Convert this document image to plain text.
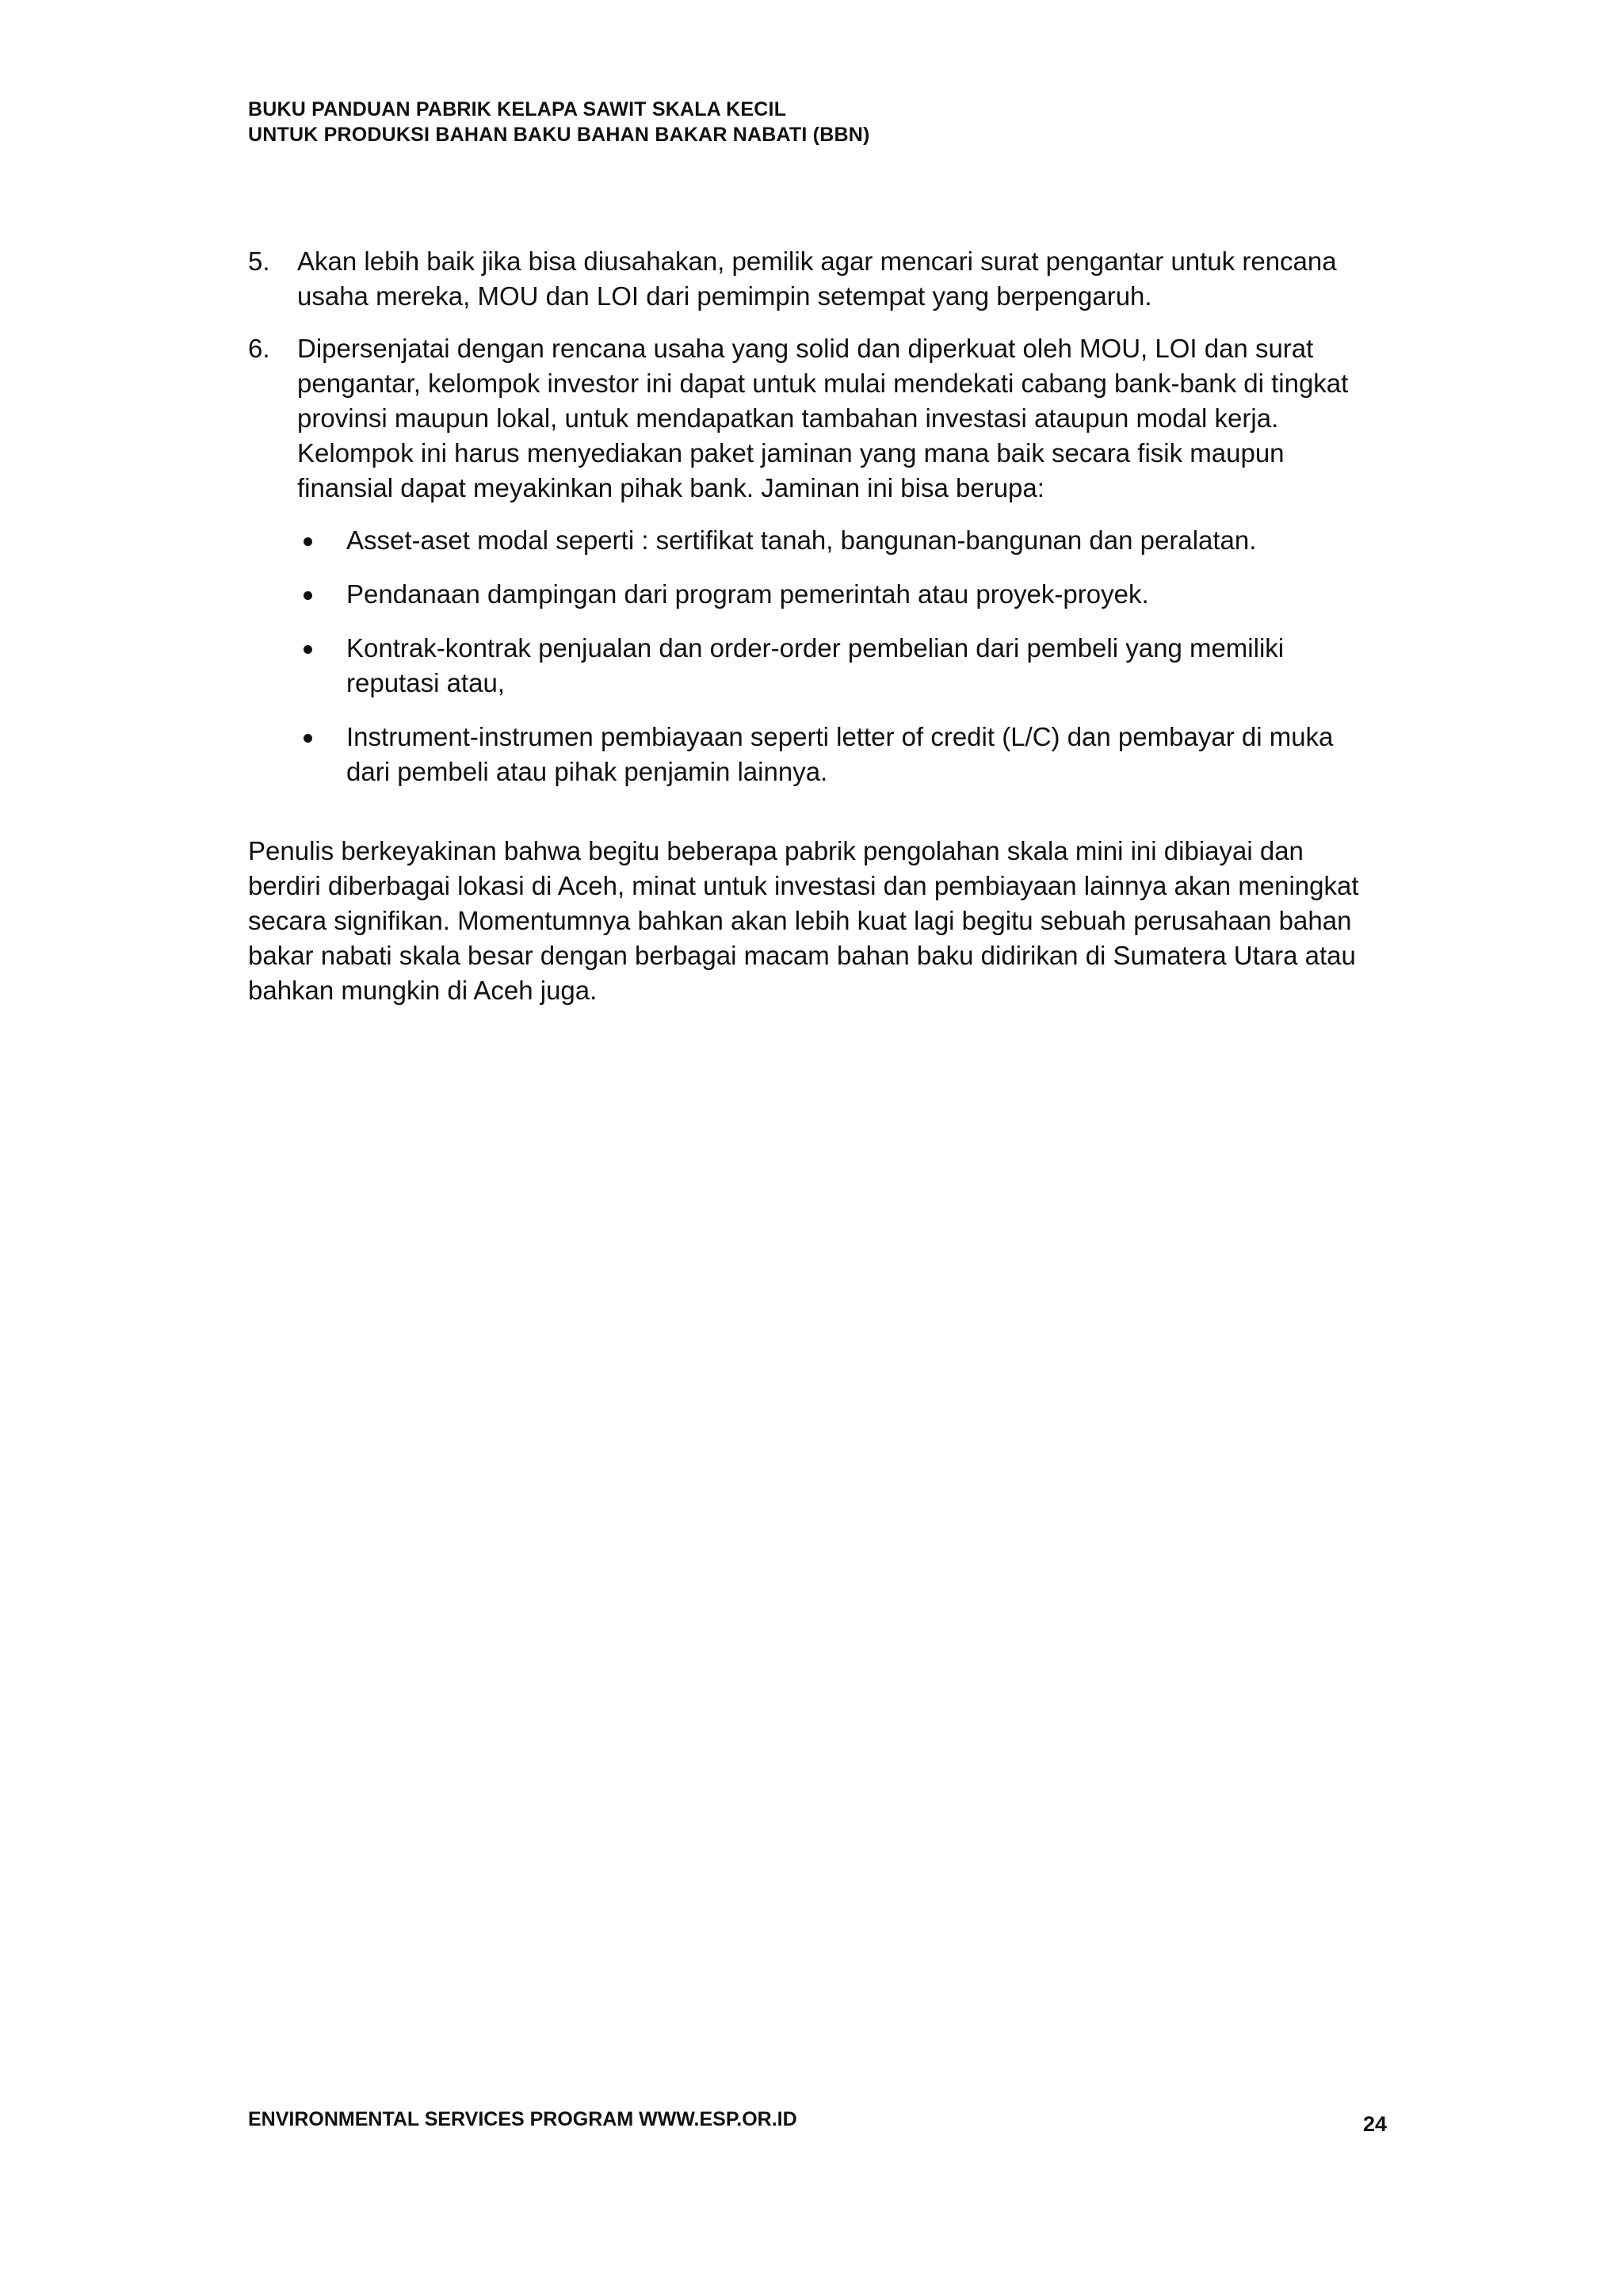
BUKU PANDUAN PABRIK KELAPA SAWIT SKALA KECIL
UNTUK PRODUKSI BAHAN BAKU BAHAN BAKAR NABATI (BBN)
5. Akan lebih baik jika bisa diusahakan, pemilik agar mencari surat pengantar untuk rencana usaha mereka, MOU dan LOI dari pemimpin setempat yang berpengaruh.

6. Dipersenjatai dengan rencana usaha yang solid dan diperkuat oleh MOU, LOI dan surat pengantar, kelompok investor ini dapat untuk mulai mendekati cabang bank-bank di tingkat provinsi maupun lokal, untuk mendapatkan tambahan investasi ataupun modal kerja. Kelompok ini harus menyediakan paket jaminan yang mana baik secara fisik maupun finansial dapat meyakinkan pihak bank. Jaminan ini bisa berupa:

Asset-aset modal seperti : sertifikat tanah, bangunan-bangunan dan peralatan.
Pendanaan dampingan dari program pemerintah atau proyek-proyek.
Kontrak-kontrak penjualan dan order-order pembelian dari pembeli yang memiliki reputasi atau,
Instrument-instrumen pembiayaan seperti letter of credit (L/C) dan pembayar di muka dari pembeli atau pihak penjamin lainnya.

Penulis berkeyakinan bahwa begitu beberapa pabrik pengolahan skala mini ini dibiayai dan berdiri diberbagai lokasi di Aceh, minat untuk investasi dan pembiayaan lainnya akan meningkat secara signifikan. Momentumnya bahkan akan lebih kuat lagi begitu sebuah perusahaan bahan bakar nabati skala besar dengan berbagai macam bahan baku didirikan di Sumatera Utara atau bahkan mungkin di Aceh juga.

ENVIRONMENTAL SERVICES PROGRAM WWW.ESP.OR.ID	24
